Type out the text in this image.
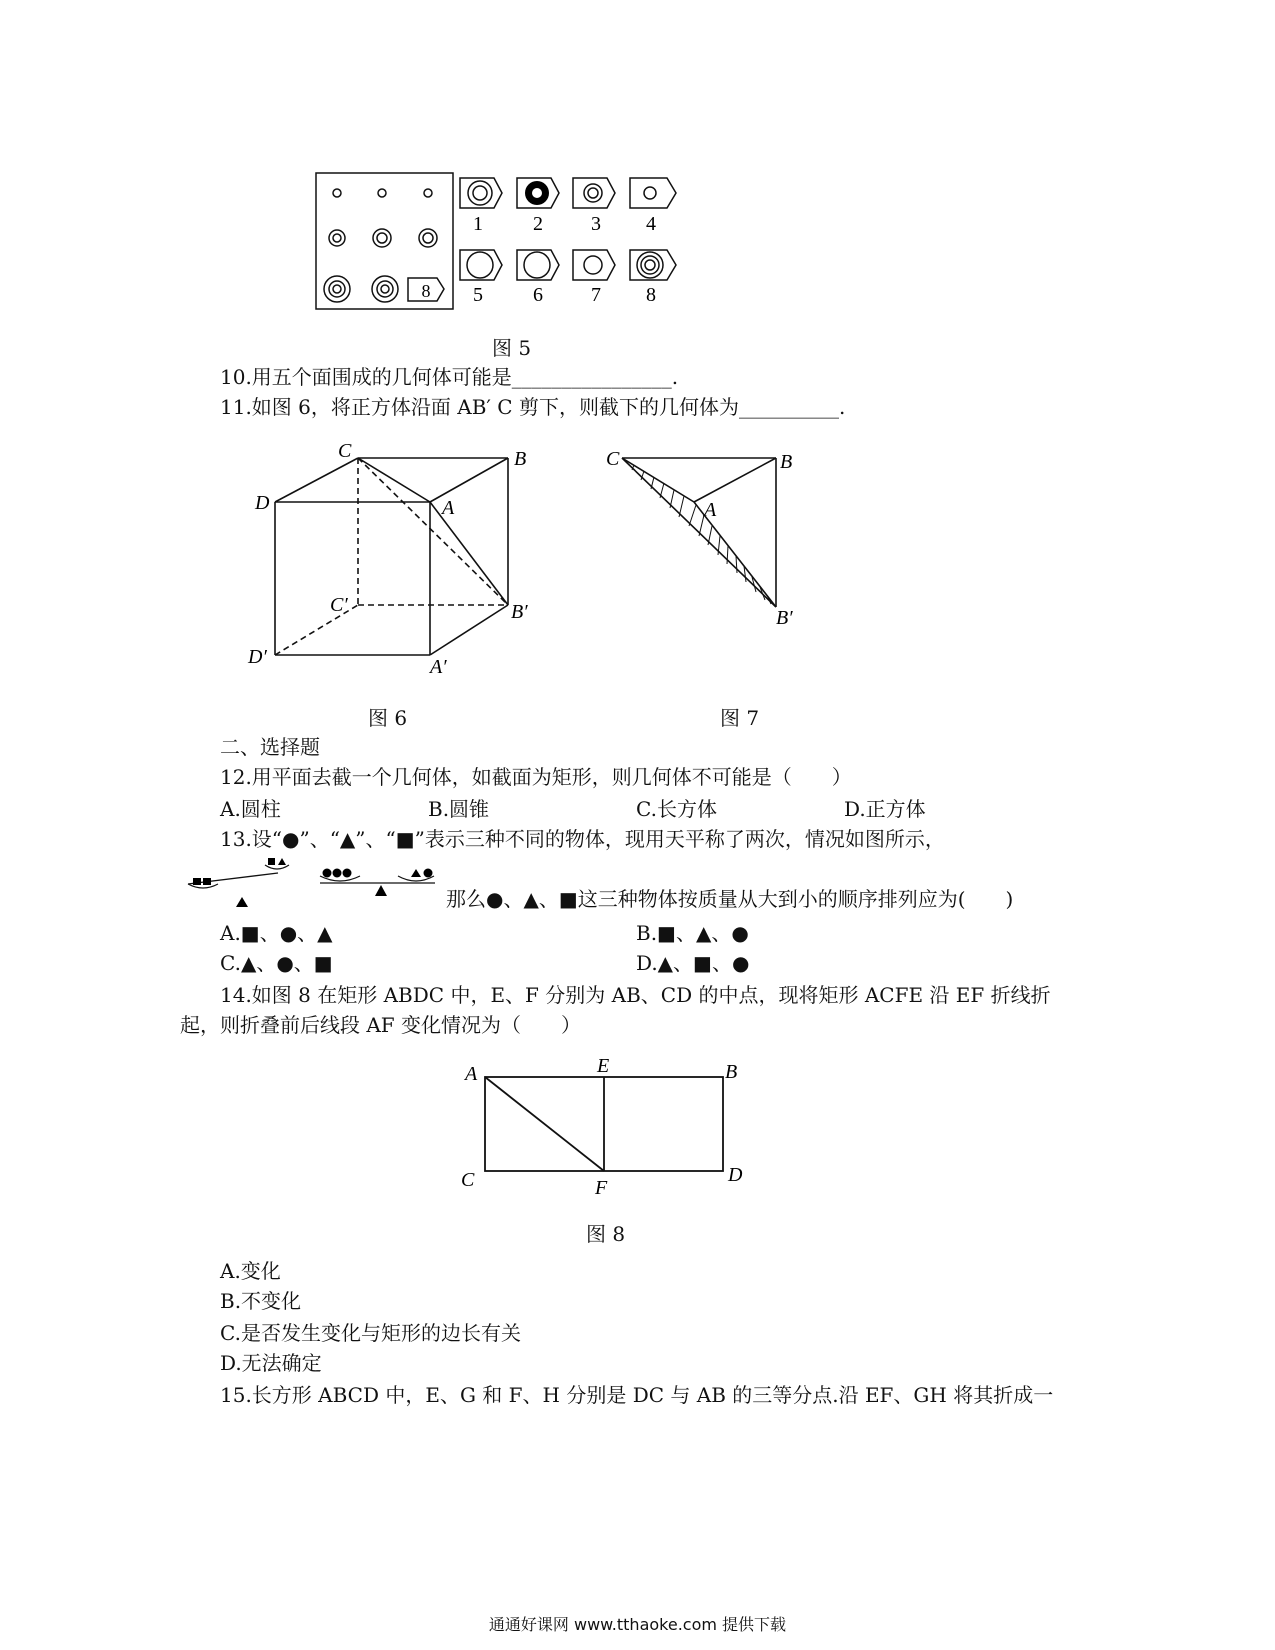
8
1	2 3 4
5	6 7 8
图 5
10.用五个面围成的几何体可能是________________.
11.如图 6，将正方体沿面 AB′ C 剪下，则截下的几何体为__________.
C	B
D	A
C′	B′
D′	A′
图 6
C	B
A
B′
图 7
二、选择题
12.用平面去截一个几何体，如截面为矩形，则几何体不可能是（　　）
A.圆柱	B.圆锥	C.长方体	D.正方体
13.设“●”、“▲”、“■”表示三种不同的物体，现用天平称了两次，情况如图所示，
那么●、▲、■这三种物体按质量从大到小的顺序排列应为(　　)
A.■、●、▲	B.■、▲、●
C.▲、●、■	D.▲、■、●
14.如图 8 在矩形 ABDC 中，E、F 分别为 AB、CD 的中点，现将矩形 ACFE 沿 EF 折线折
起，则折叠前后线段 AF 变化情况为（　　）
A	E	B
C	F
D
图 8
A.变化
B.不变化
C.是否发生变化与矩形的边长有关
D.无法确定
15.长方形 ABCD 中，E、G 和 F、H 分别是 DC 与 AB 的三等分点.沿 EF、GH 将其折成一
通通好课网 www.tthaoke.com 提供下载
